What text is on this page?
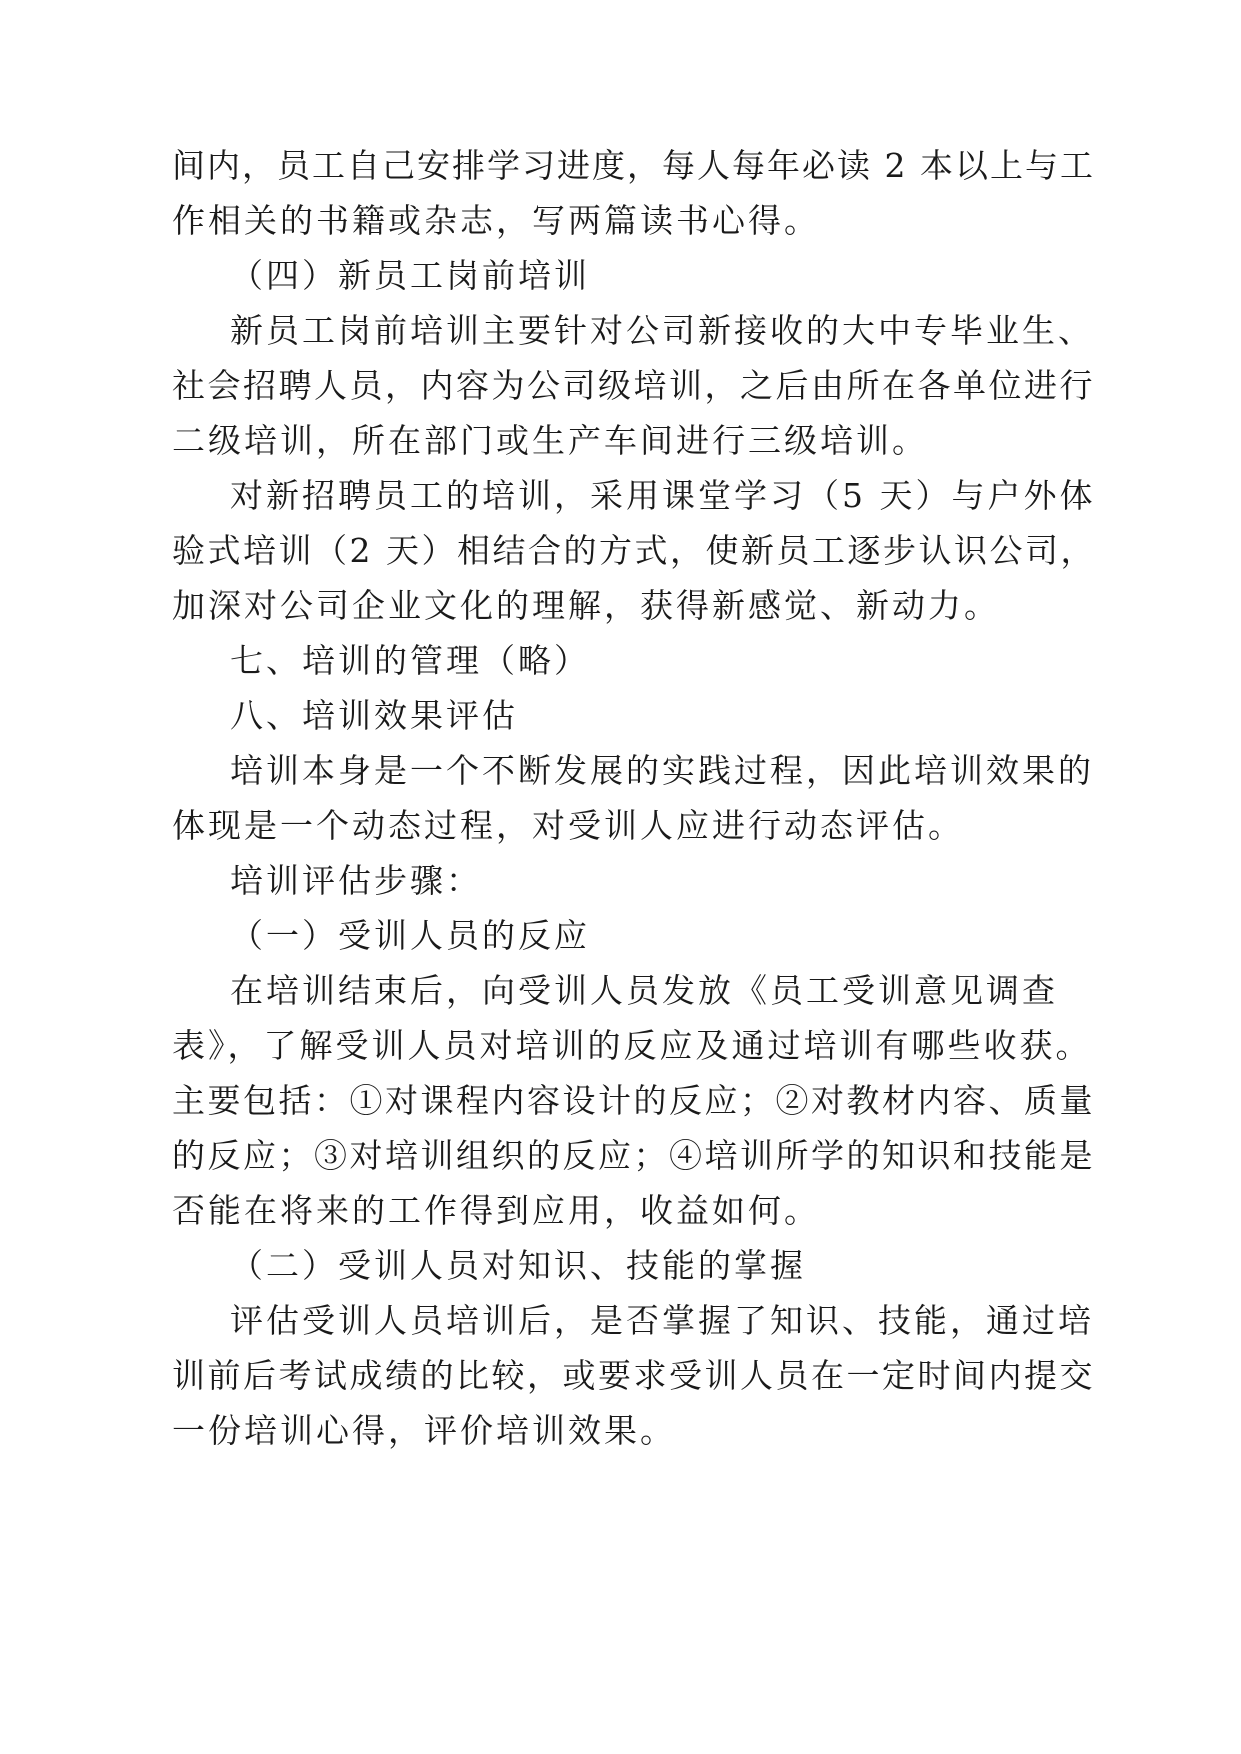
间内，员工自己安排学习进度，每人每年必读 2 本以上与工
作相关的书籍或杂志，写两篇读书心得。
（四）新员工岗前培训
新员工岗前培训主要针对公司新接收的大中专毕业生、
社会招聘人员，内容为公司级培训，之后由所在各单位进行
二级培训，所在部门或生产车间进行三级培训。
对新招聘员工的培训，采用课堂学习（5 天）与户外体
验式培训（2 天）相结合的方式，使新员工逐步认识公司，
加深对公司企业文化的理解，获得新感觉、新动力。
七、培训的管理（略）
八、培训效果评估
培训本身是一个不断发展的实践过程，因此培训效果的
体现是一个动态过程，对受训人应进行动态评估。
培训评估步骤：
（一）受训人员的反应
在培训结束后，向受训人员发放《员工受训意见调查
表》，了解受训人员对培训的反应及通过培训有哪些收获。
主要包括：①对课程内容设计的反应；②对教材内容、质量
的反应；③对培训组织的反应；④培训所学的知识和技能是
否能在将来的工作得到应用，收益如何。
（二）受训人员对知识、技能的掌握
评估受训人员培训后，是否掌握了知识、技能，通过培
训前后考试成绩的比较，或要求受训人员在一定时间内提交
一份培训心得，评价培训效果。
